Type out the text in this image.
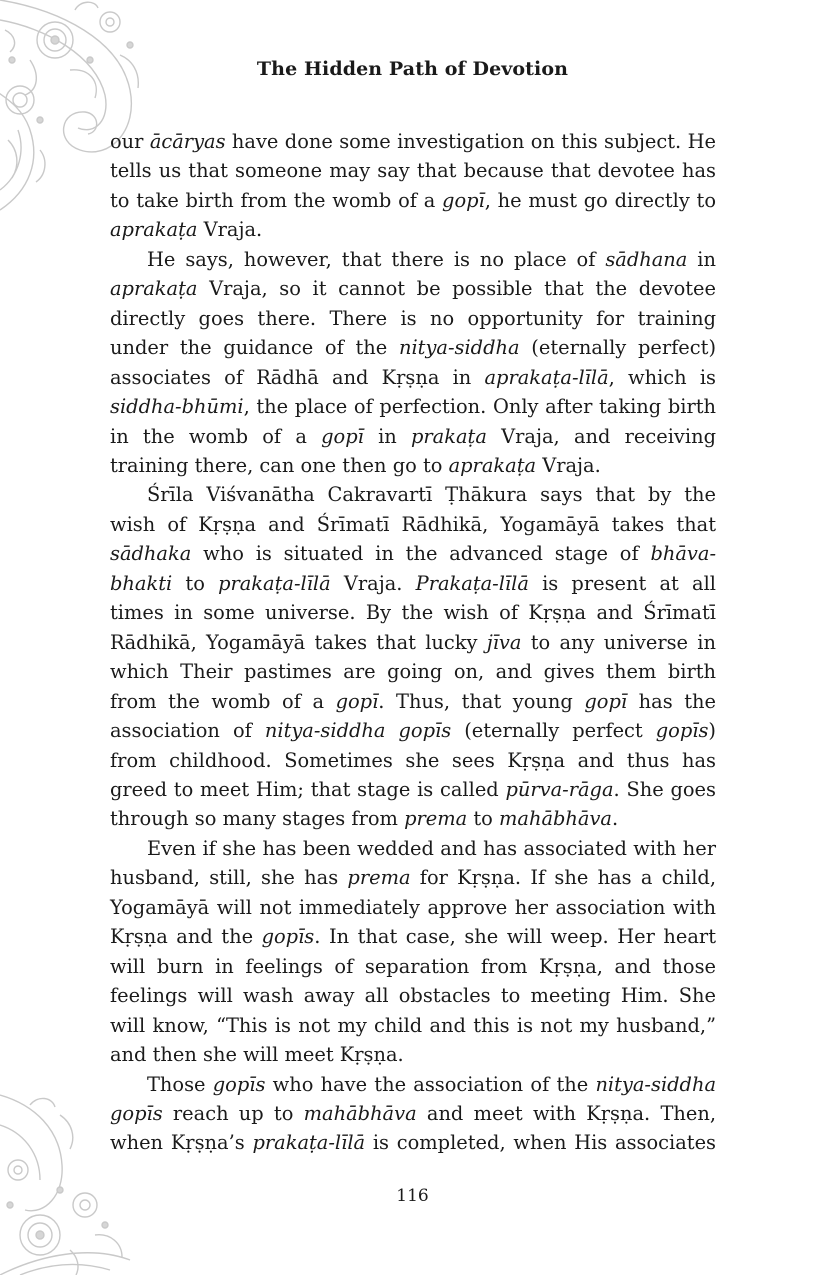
The Hidden Path of Devotion

our ācāryas have done some investigation on this subject. He tells us that someone may say that because that devotee has to take birth from the womb of a gopī, he must go directly to aprakaṭa Vraja.

He says, however, that there is no place of sādhana in aprakaṭa Vraja, so it cannot be possible that the devotee directly goes there. There is no opportunity for training under the guidance of the nitya-siddha (eternally perfect) associates of Rādhā and Kṛṣṇa in aprakaṭa-līlā, which is siddha-bhūmi, the place of perfection. Only after taking birth in the womb of a gopī in prakaṭa Vraja, and receiving training there, can one then go to aprakaṭa Vraja.

Śrīla Viśvanātha Cakravartī Ṭhākura says that by the wish of Kṛṣṇa and Śrīmatī Rādhikā, Yogamāyā takes that sādhaka who is situated in the advanced stage of bhāva-bhakti to prakaṭa-līlā Vraja. Prakaṭa-līlā is present at all times in some universe. By the wish of Kṛṣṇa and Śrīmatī Rādhikā, Yogamāyā takes that lucky jīva to any universe in which Their pastimes are going on, and gives them birth from the womb of a gopī. Thus, that young gopī has the association of nitya-siddha gopīs (eternally perfect gopīs) from childhood. Sometimes she sees Kṛṣṇa and thus has greed to meet Him; that stage is called pūrva-rāga. She goes through so many stages from prema to mahābhāva.

Even if she has been wedded and has associated with her husband, still, she has prema for Kṛṣṇa. If she has a child, Yogamāyā will not immediately approve her association with Kṛṣṇa and the gopīs. In that case, she will weep. Her heart will burn in feelings of separation from Kṛṣṇa, and those feelings will wash away all obstacles to meeting Him. She will know, “This is not my child and this is not my husband,” and then she will meet Kṛṣṇa.

Those gopīs who have the association of the nitya-siddha gopīs reach up to mahābhāva and meet with Kṛṣṇa. Then, when Kṛṣṇa’s prakaṭa-līlā is completed, when His associates

116
